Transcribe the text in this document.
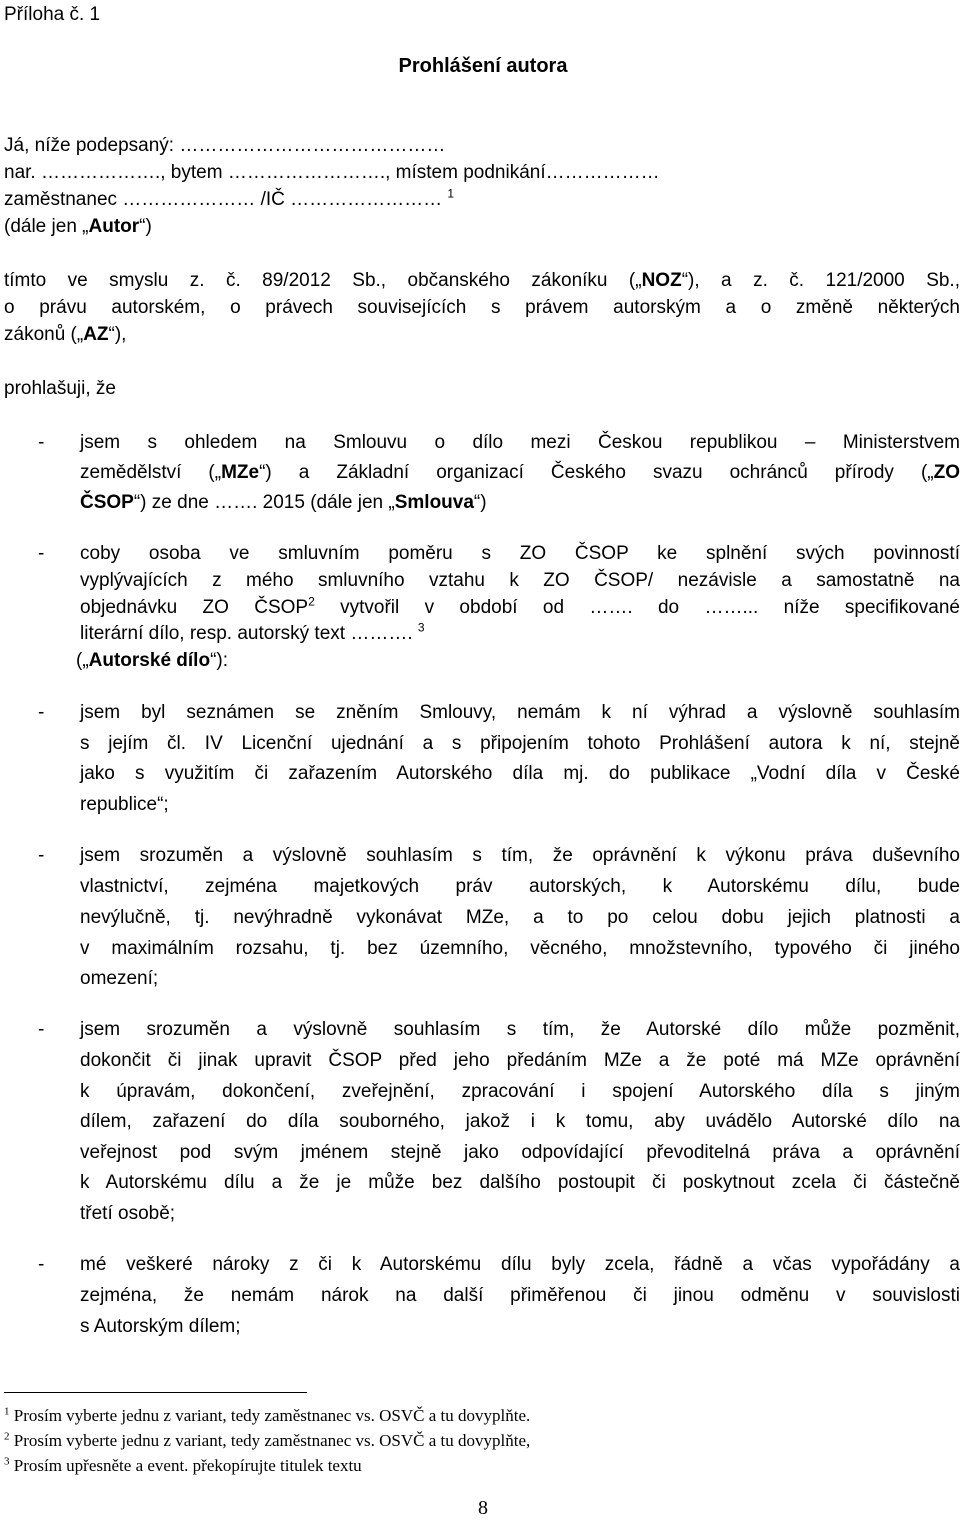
Příloha č. 1
Prohlášení autora
Já, níže podepsaný: ……………………………………
nar. ………………., bytem ……………………., místem podnikání………………
zaměstnanec ………………… /IČ …………………… $^1$
(dále jen „Autor“)
tímto ve smyslu z. č. 89/2012 Sb., občanského zákoníku („NOZ“), a z. č. 121/2000 Sb.,
o právu autorském, o právech souvisejících s právem autorským a o změně některých
zákonů („AZ“),
prohlašuji, že
- jsem s ohledem na Smlouvu o dílo mezi Českou republikou – Ministerstvem
zemědělství („MZe“) a Základní organizací Českého svazu ochránců přírody („ZO
ČSOP“) ze dne ……. 2015 (dále jen „Smlouva“)
- coby osoba ve smluvním poměru s ZO ČSOP ke splnění svých povinností
vyplývajících z mého smluvního vztahu k ZO ČSOP/ nezávisle a samostatně na
objednávku ZO ČSOP$^2$ vytvořil v období od ……. do ……... níže specifikované
literární dílo, resp. autorský text ………. $^3$
(„Autorské dílo“):
- jsem byl seznámen se zněním Smlouvy, nemám k ní výhrad a výslovně souhlasím
s jejím čl. IV Licenční ujednání a s připojením tohoto Prohlášení autora k ní, stejně
jako s využitím či zařazením Autorského díla mj. do publikace „Vodní díla v České
republice“;
- jsem srozumĕn a výslovně souhlasím s tím, že oprávnění k výkonu práva duševního
vlastnictví, zejména majetkových práv autorských, k Autorskému dílu, bude
nevýlučně, tj. nevýhradně vykonávat MZe, a to po celou dobu jejich platnosti a
v maximálním rozsahu, tj. bez územního, věcného, množstevního, typového či jiného
omezení;
- jsem srozumĕn a výslovně souhlasím s tím, že Autorské dílo může pozměnit,
dokončit či jinak upravit ČSOP před jeho předáním MZe a že poté má MZe oprávnění
k úpravám, dokončení, zveřejnění, zpracování i spojení Autorského díla s jiným
dílem, zařazení do díla souborného, jakož i k tomu, aby uvádělo Autorské dílo na
veřejnost pod svým jménem stejně jako odpovídající převoditelná práva a oprávnění
k Autorskému dílu a že je může bez dalšího postoupit či poskytnout zcela či částečně
třetí osobě;
- mé veškeré nároky z či k Autorskému dílu byly zcela, řádně a včas vypořádány a
zejména, že nemám nárok na další přiměřenou či jinou odměnu v souvislosti
s Autorským dílem;
$^1$ Prosím vyberte jednu z variant, tedy zaměstnanec vs. OSVČ a tu dovyplňte.
$^2$ Prosím vyberte jednu z variant, tedy zaměstnanec vs. OSVČ a tu dovyplňte,
$^3$ Prosím upřesněte a event. překopírujte titulek textu
8
